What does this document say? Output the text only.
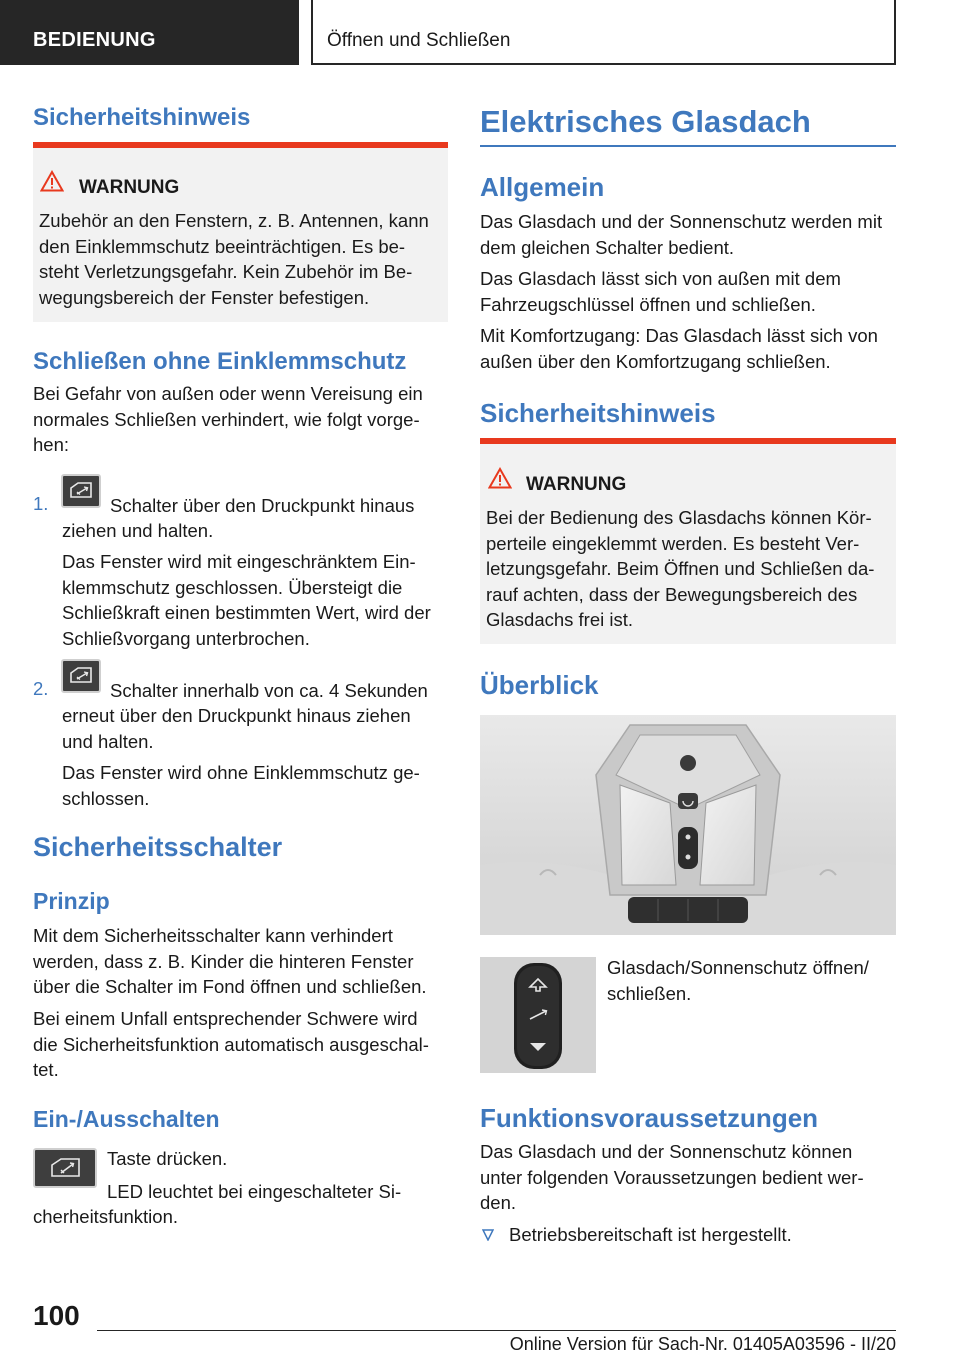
BEDIENUNG	Öffnen und Schließen
Sicherheitshinweis
WARNUNG
Zubehör an den Fenstern, z. B. Antennen, kann
den Einklemmschutz beeinträchtigen. Es be‐
steht Verletzungsgefahr. Kein Zubehör im Be‐
wegungsbereich der Fenster befestigen.
Schließen ohne Einklemmschutz
Bei Gefahr von außen oder wenn Vereisung ein
normales Schließen verhindert, wie folgt vorge‐
hen:
1.	Schalter über den Druckpunkt hinaus
ziehen und halten.
Das Fenster wird mit eingeschränktem Ein‐
klemmschutz geschlossen. Übersteigt die
Schließkraft einen bestimmten Wert, wird der
Schließvorgang unterbrochen.
2.	Schalter innerhalb von ca. 4 Sekunden
erneut über den Druckpunkt hinaus ziehen
und halten.
Das Fenster wird ohne Einklemmschutz ge‐
schlossen.
Sicherheitsschalter
Prinzip
Mit dem Sicherheitsschalter kann verhindert
werden, dass z. B. Kinder die hinteren Fenster
über die Schalter im Fond öffnen und schließen.
Bei einem Unfall entsprechender Schwere wird
die Sicherheitsfunktion automatisch ausgeschal‐
tet.
Ein-/Ausschalten
Taste drücken.
LED leuchtet bei eingeschalteter Si‐
cherheitsfunktion.
Elektrisches Glasdach
Allgemein
Das Glasdach und der Sonnenschutz werden mit
dem gleichen Schalter bedient.
Das Glasdach lässt sich von außen mit dem
Fahrzeugschlüssel öffnen und schließen.
Mit Komfortzugang: Das Glasdach lässt sich von
außen über den Komfortzugang schließen.
Sicherheitshinweis
WARNUNG
Bei der Bedienung des Glasdachs können Kör‐
perteile eingeklemmt werden. Es besteht Ver‐
letzungsgefahr. Beim Öffnen und Schließen da‐
rauf achten, dass der Bewegungsbereich des
Glasdachs frei ist.
Überblick
Glasdach/Sonnenschutz öffnen/
schließen.
Funktionsvoraussetzungen
Das Glasdach und der Sonnenschutz können
unter folgenden Voraussetzungen bedient wer‐
den.
Betriebsbereitschaft ist hergestellt.
100
Online Version für Sach-Nr. 01405A03596 - II/20
